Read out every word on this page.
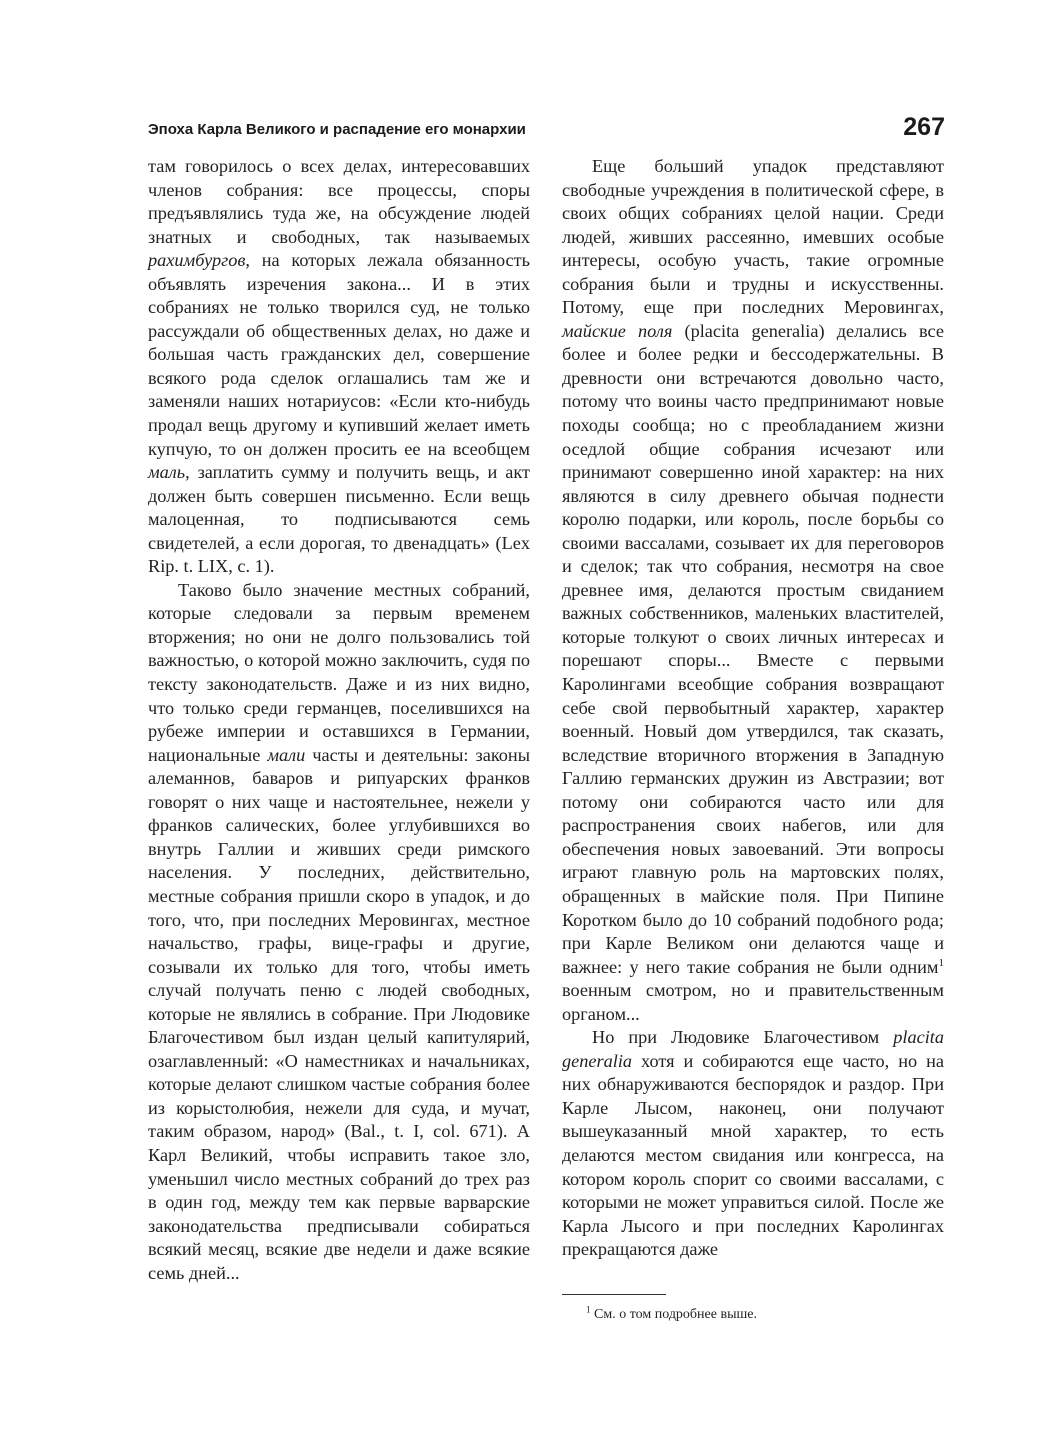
Эпоха Карла Великого и распадение его монархии	267

там говорилось о всех делах, интересовавших членов собрания: все процессы, споры предъявлялись туда же, на обсуждение людей знатных и свободных, так называемых рахимбургов, на которых лежала обязанность объявлять изречения закона... И в этих собраниях не только творился суд, не только рассуждали об общественных делах, но даже и большая часть гражданских дел, совершение всякого рода сделок оглашались там же и заменяли наших нотариусов: «Если кто-нибудь продал вещь другому и купивший желает иметь купчую, то он должен просить ее на всеобщем маль, заплатить сумму и получить вещь, и акт должен быть совершен письменно. Если вещь малоценная, то подписываются семь свидетелей, а если дорогая, то двенадцать» (Lex Rip. t. LIX, c. 1).

Таково было значение местных собраний, которые следовали за первым временем вторжения; но они не долго пользовались той важностью, о которой можно заключить, судя по тексту законодательств. Даже и из них видно, что только среди германцев, поселившихся на рубеже империи и оставшихся в Германии, национальные мали часты и деятельны: законы алеманнов, баваров и рипуарских франков говорят о них чаще и настоятельнее, нежели у франков салических, более углубившихся во внутрь Галлии и живших среди римского населения. У последних, действительно, местные собрания пришли скоро в упадок, и до того, что, при последних Меровингах, местное начальство, графы, вице-графы и другие, созывали их только для того, чтобы иметь случай получать пеню с людей свободных, которые не являлись в собрание. При Людовике Благочестивом был издан целый капитулярий, озаглавленный: «О наместниках и начальниках, которые делают слишком частые собрания более из корыстолюбия, нежели для суда, и мучат, таким образом, народ» (Bal., t. I, col. 671). А Карл Великий, чтобы исправить такое зло, уменьшил число местных собраний до трех раз в один год, между тем как первые варварские законодательства предписывали собираться всякий месяц, всякие две недели и даже всякие семь дней...

Еще больший упадок представляют свободные учреждения в политической сфере, в своих общих собраниях целой нации. Среди людей, живших рассеянно, имевших особые интересы, особую участь, такие огромные собрания были и трудны и искусственны. Потому, еще при последних Меровингах, майские поля (placita generalia) делались все более и более редки и бессодержательны. В древности они встречаются довольно часто, потому что воины часто предпринимают новые походы сообща; но с преобладанием жизни оседлой общие собрания исчезают или принимают совершенно иной характер: на них являются в силу древнего обычая поднести королю подарки, или король, после борьбы со своими вассалами, созывает их для переговоров и сделок; так что собрания, несмотря на свое древнее имя, делаются простым свиданием важных собственников, маленьких властителей, которые толкуют о своих личных интересах и порешают споры... Вместе с первыми Каролингами всеобщие собрания возвращают себе свой первобытный характер, характер военный. Новый дом утвердился, так сказать, вследствие вторичного вторжения в Западную Галлию германских дружин из Австразии; вот потому они собираются часто или для распространения своих набегов, или для обеспечения новых завоеваний. Эти вопросы играют главную роль на мартовских полях, обращенных в майские поля. При Пипине Коротком было до 10 собраний подобного рода; при Карле Великом они делаются чаще и важнее: у него такие собрания не были одним$^1$ военным смотром, но и правительственным органом...

Но при Людовике Благочестивом placita generalia хотя и собираются еще часто, но на них обнаруживаются беспорядок и раздор. При Карле Лысом, наконец, они получают вышеуказанный мной характер, то есть делаются местом свидания или конгресса, на котором король спорит со своими вассалами, с которыми не может управиться силой. После же Карла Лысого и при последних Каролингах прекращаются даже

$^1$ См. о том подробнее выше.
